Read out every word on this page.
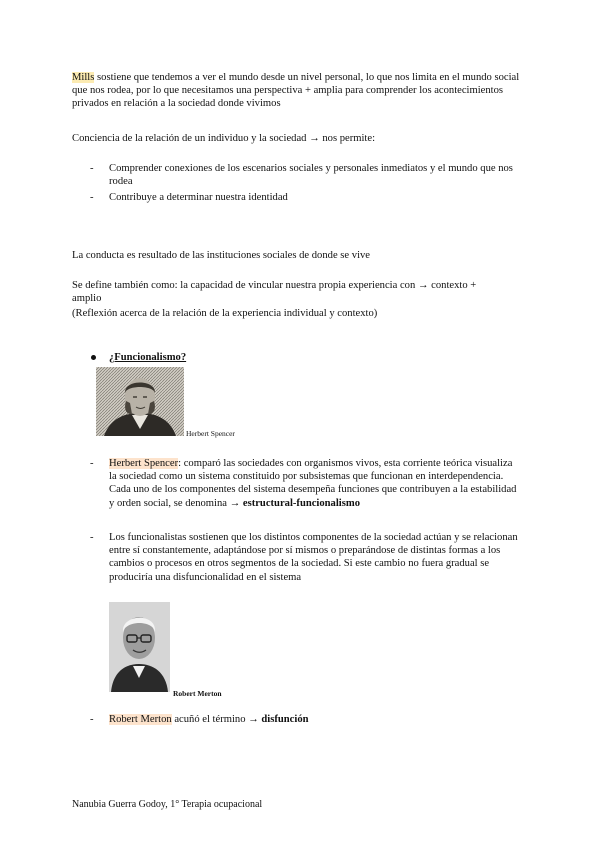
Mills sostiene que tendemos a ver el mundo desde un nivel personal, lo que nos limita en el mundo social que nos rodea, por lo que necesitamos una perspectiva + amplia para comprender los acontecimientos privados en relación a la sociedad donde vivimos
Conciencia de la relación de un individuo y la sociedad → nos permite:
- Comprender conexiones de los escenarios sociales y personales inmediatos y el mundo que nos rodea
- Contribuye a determinar nuestra identidad
La conducta es resultado de las instituciones sociales de donde se vive
Se define también como: la capacidad de vincular nuestra propia experiencia con → contexto + amplio
(Reflexión acerca de la relación de la experiencia individual y contexto)
¿Funcionalismo?
Herbert Spencer
- Herbert Spencer: comparó las sociedades con organismos vivos, esta corriente teórica visualiza la sociedad como un sistema constituido por subsistemas que funcionan en interdependencia. Cada uno de los componentes del sistema desempeña funciones que contribuyen a la estabilidad y orden social, se denomina → estructural-funcionalismo
- Los funcionalistas sostienen que los distintos componentes de la sociedad actúan y se relacionan entre sí constantemente, adaptándose por sí mismos o preparándose de distintas formas a los cambios o procesos en otros segmentos de la sociedad. Si este cambio no fuera gradual se produciría una disfuncionalidad en el sistema
Robert Merton
- Robert Merton acuñó el término → disfunción
Nanubia Guerra Godoy, 1° Terapia ocupacional
